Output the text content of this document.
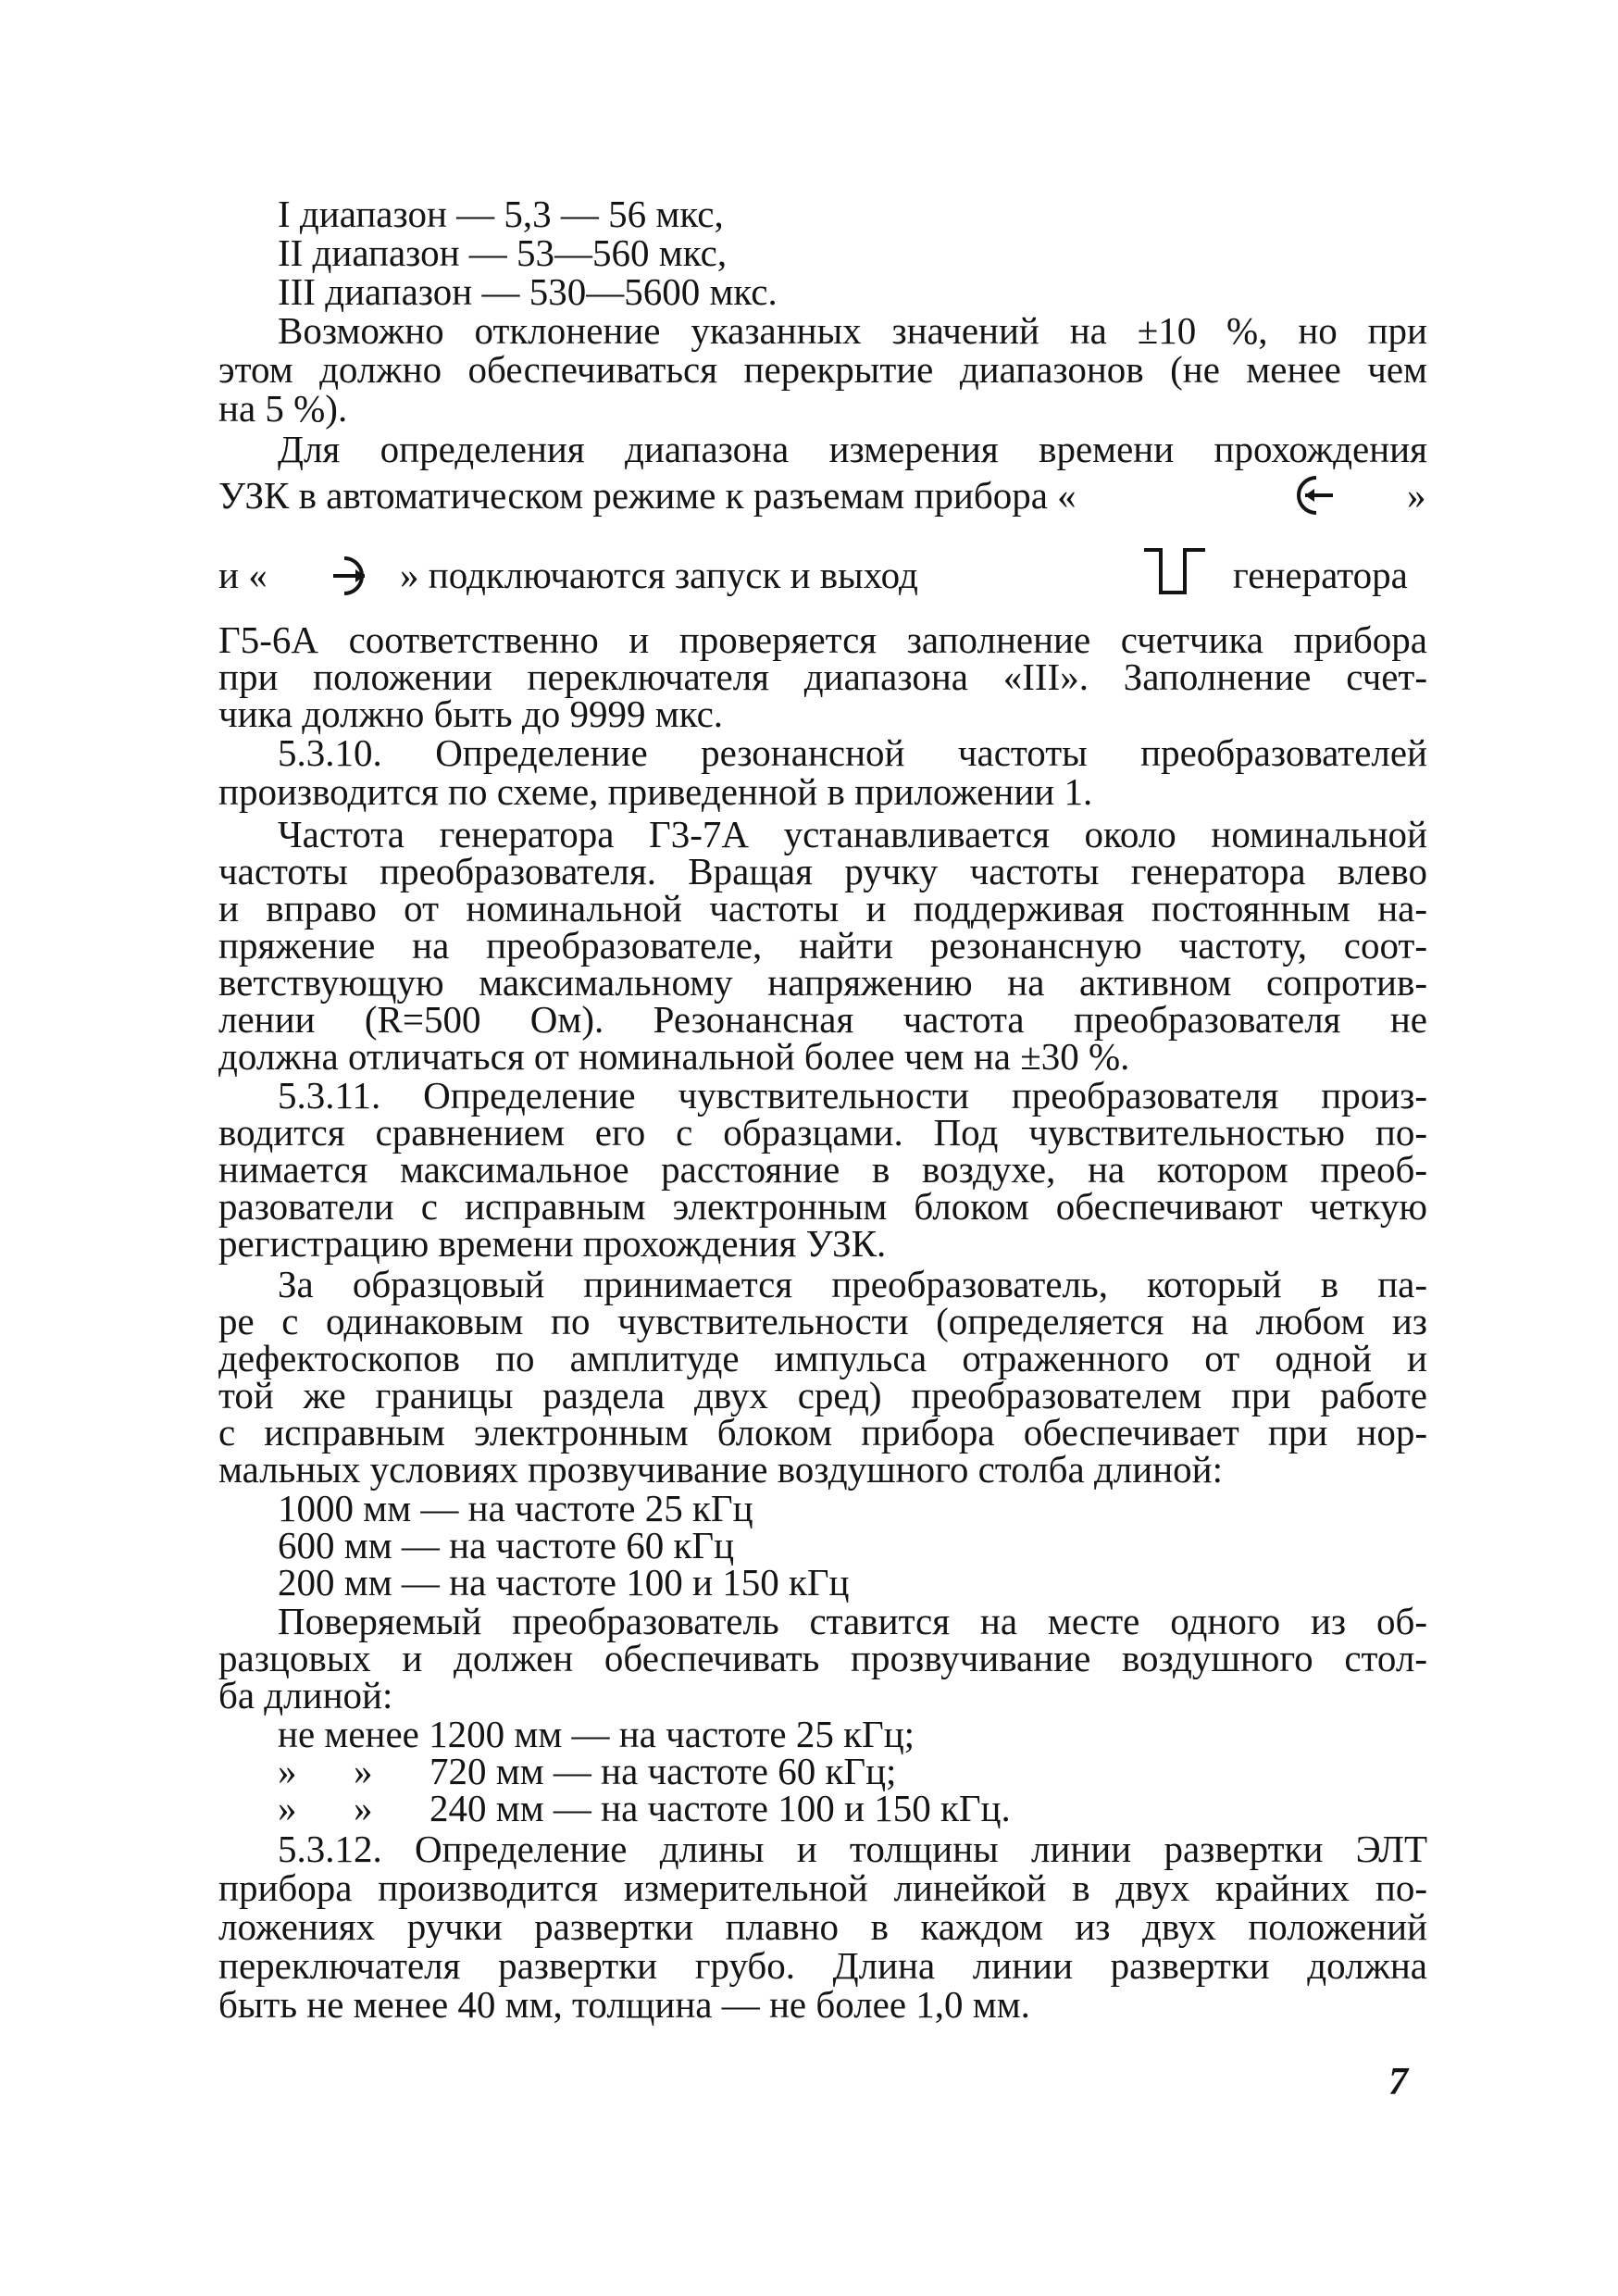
I диапазон — 5,3 — 56 мкс,

II диапазон — 53—560 мкс,

III диапазон — 530—5600 мкс.

Возможно отклонение указанных значений на ±10 %, но при

этом должно обеспечиваться перекрытие диапазонов (не менее чем

на 5 %).

Для определения диапазона измерения времени прохождения

УЗК в автоматическом режиме к разъемам прибора «	»

и «	» подключаются запуск и выход	генератора

Г5-6А соответственно и проверяется заполнение счетчика прибора

при положении переключателя диапазона «III». Заполнение счет-

чика должно быть до 9999 мкс.

5.3.10. Определение резонансной частоты преобразователей

производится по схеме, приведенной в приложении 1.

Частота генератора Г3-7А устанавливается около номинальной

частоты преобразователя. Вращая ручку частоты генератора влево

и вправо от номинальной частоты и поддерживая постоянным на-

пряжение на преобразователе, найти резонансную частоту, соот-

ветствующую максимальному напряжению на активном сопротив-

лении (R=500 Ом). Резонансная частота преобразователя не

должна отличаться от номинальной более чем на ±30 %.

5.3.11. Определение чувствительности преобразователя произ-

водится сравнением его с образцами. Под чувствительностью по-

нимается максимальное расстояние в воздухе, на котором преоб-

разователи с исправным электронным блоком обеспечивают четкую

регистрацию времени прохождения УЗК.

За образцовый принимается преобразователь, который в па-

ре с одинаковым по чувствительности (определяется на любом из

дефектоскопов по амплитуде импульса отраженного от одной и

той же границы раздела двух сред) преобразователем при работе

с исправным электронным блоком прибора обеспечивает при нор-

мальных условиях прозвучивание воздушного столба длиной:

1000 мм — на частоте 25 кГц

600 мм — на частоте 60 кГц

200 мм — на частоте 100 и 150 кГц

Поверяемый преобразователь ставится на месте одного из об-

разцовых и должен обеспечивать прозвучивание воздушного стол-

ба длиной:

не менее 1200 мм — на частоте 25 кГц;

»      »      720 мм — на частоте 60 кГц;

»      »      240 мм — на частоте 100 и 150 кГц.

5.3.12. Определение длины и толщины линии развертки ЭЛТ

прибора производится измерительной линейкой в двух крайних по-

ложениях ручки развертки плавно в каждом из двух положений

переключателя развертки грубо. Длина линии развертки должна

быть не менее 40 мм, толщина — не более 1,0 мм.

7
